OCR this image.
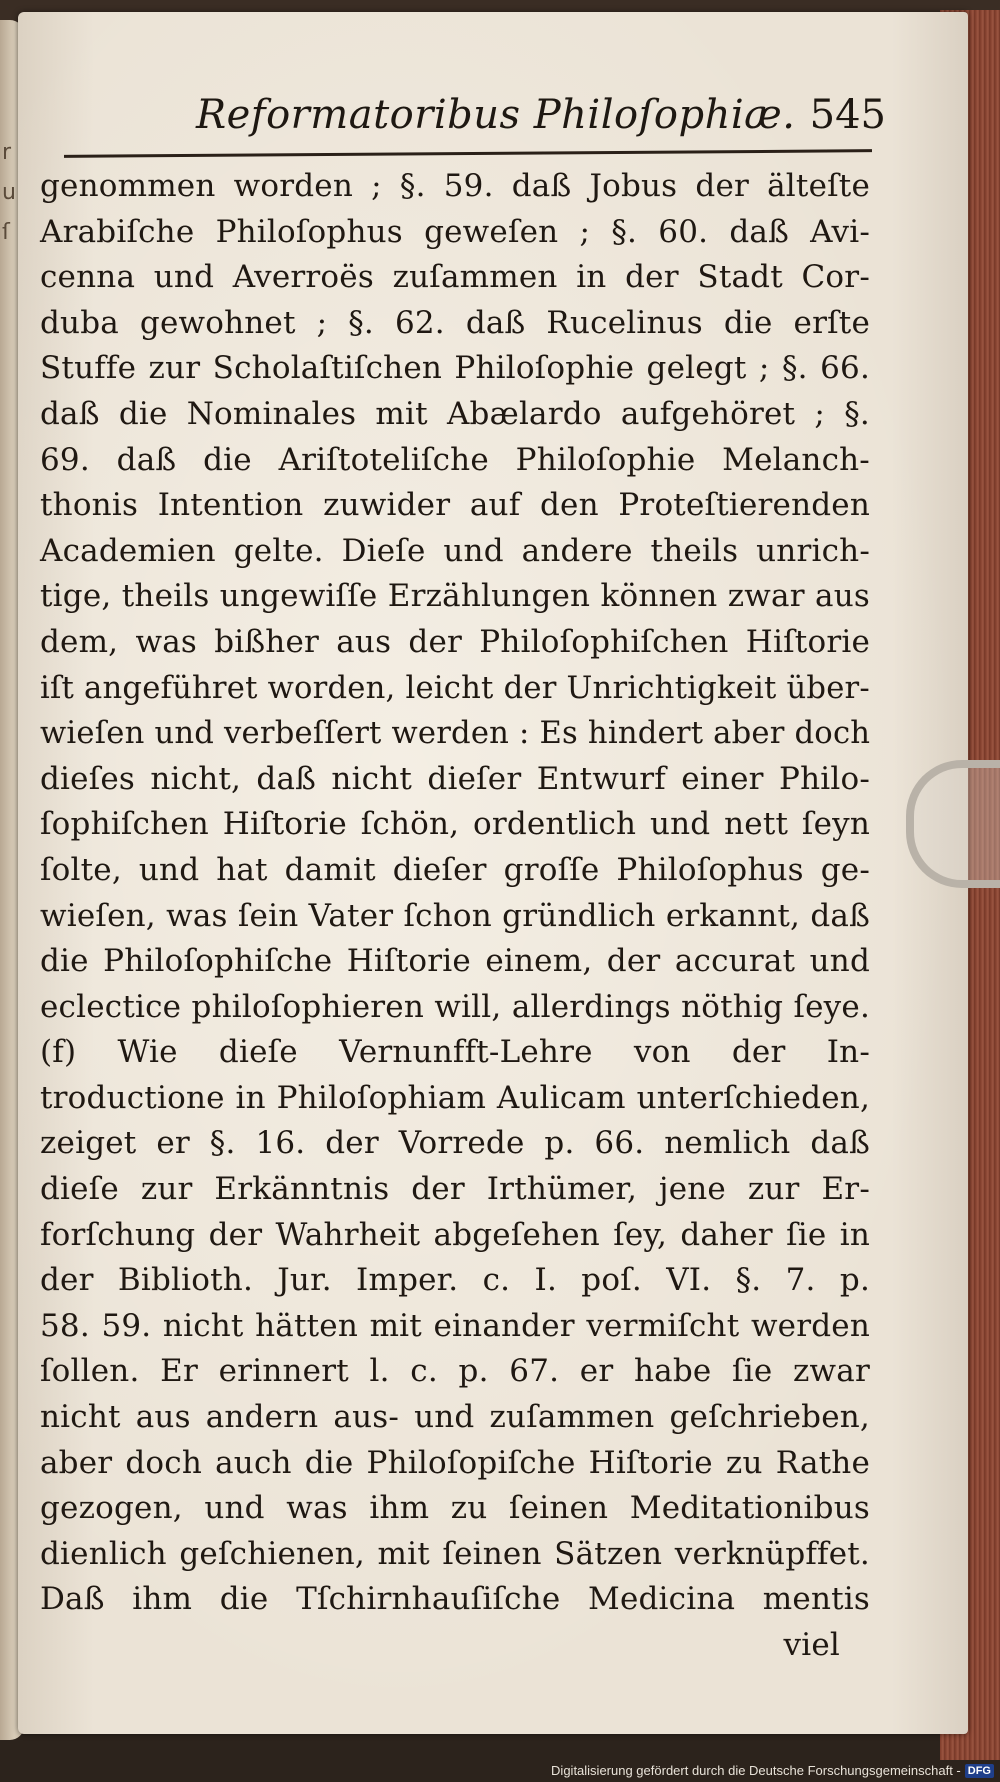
r
u
ſ
Reformatoribus Philoſophiæ. 545
genommen worden ; §. 59. daß Jobus der älteſte
Arabiſche Philoſophus geweſen ; §. 60. daß Avi-
cenna und Averroës zuſammen in der Stadt Cor-
duba gewohnet ; §. 62. daß Rucelinus die erſte
Stuffe zur Scholaſtiſchen Philoſophie gelegt ; §. 66.
daß die Nominales mit Abælardo aufgehöret ; §.
69. daß die Ariſtoteliſche Philoſophie Melanch-
thonis Intention zuwider auf den Proteſtierenden
Academien gelte. Dieſe und andere theils unrich-
tige, theils ungewiſſe Erzählungen können zwar aus
dem, was bißher aus der Philoſophiſchen Hiſtorie
iſt angeführet worden, leicht der Unrichtigkeit über-
wieſen und verbeſſert werden : Es hindert aber doch
dieſes nicht, daß nicht dieſer Entwurf einer Philo-
ſophiſchen Hiſtorie ſchön, ordentlich und nett ſeyn
ſolte, und hat damit dieſer groſſe Philoſophus ge-
wieſen, was ſein Vater ſchon gründlich erkannt, daß
die Philoſophiſche Hiſtorie einem, der accurat und
eclectice philoſophieren will, allerdings nöthig ſeye.
(f) Wie dieſe Vernunfft-Lehre von der In-
troductione in Philoſophiam Aulicam unterſchieden,
zeiget er §. 16. der Vorrede p. 66. nemlich daß
dieſe zur Erkänntnis der Irthümer, jene zur Er-
forſchung der Wahrheit abgeſehen ſey, daher ſie in
der Biblioth. Jur. Imper. c. I. poſ. VI. §. 7. p.
58. 59. nicht hätten mit einander vermiſcht werden
ſollen. Er erinnert l. c. p. 67. er habe ſie zwar
nicht aus andern aus- und zuſammen geſchrieben,
aber doch auch die Philoſopiſche Hiſtorie zu Rathe
gezogen, und was ihm zu ſeinen Meditationibus
dienlich geſchienen, mit ſeinen Sätzen verknüpffet.
Daß ihm die Tſchirnhauſiſche Medicina mentis
viel
Digitalisierung gefördert durch die Deutsche Forschungsgemeinschaft - DFG
